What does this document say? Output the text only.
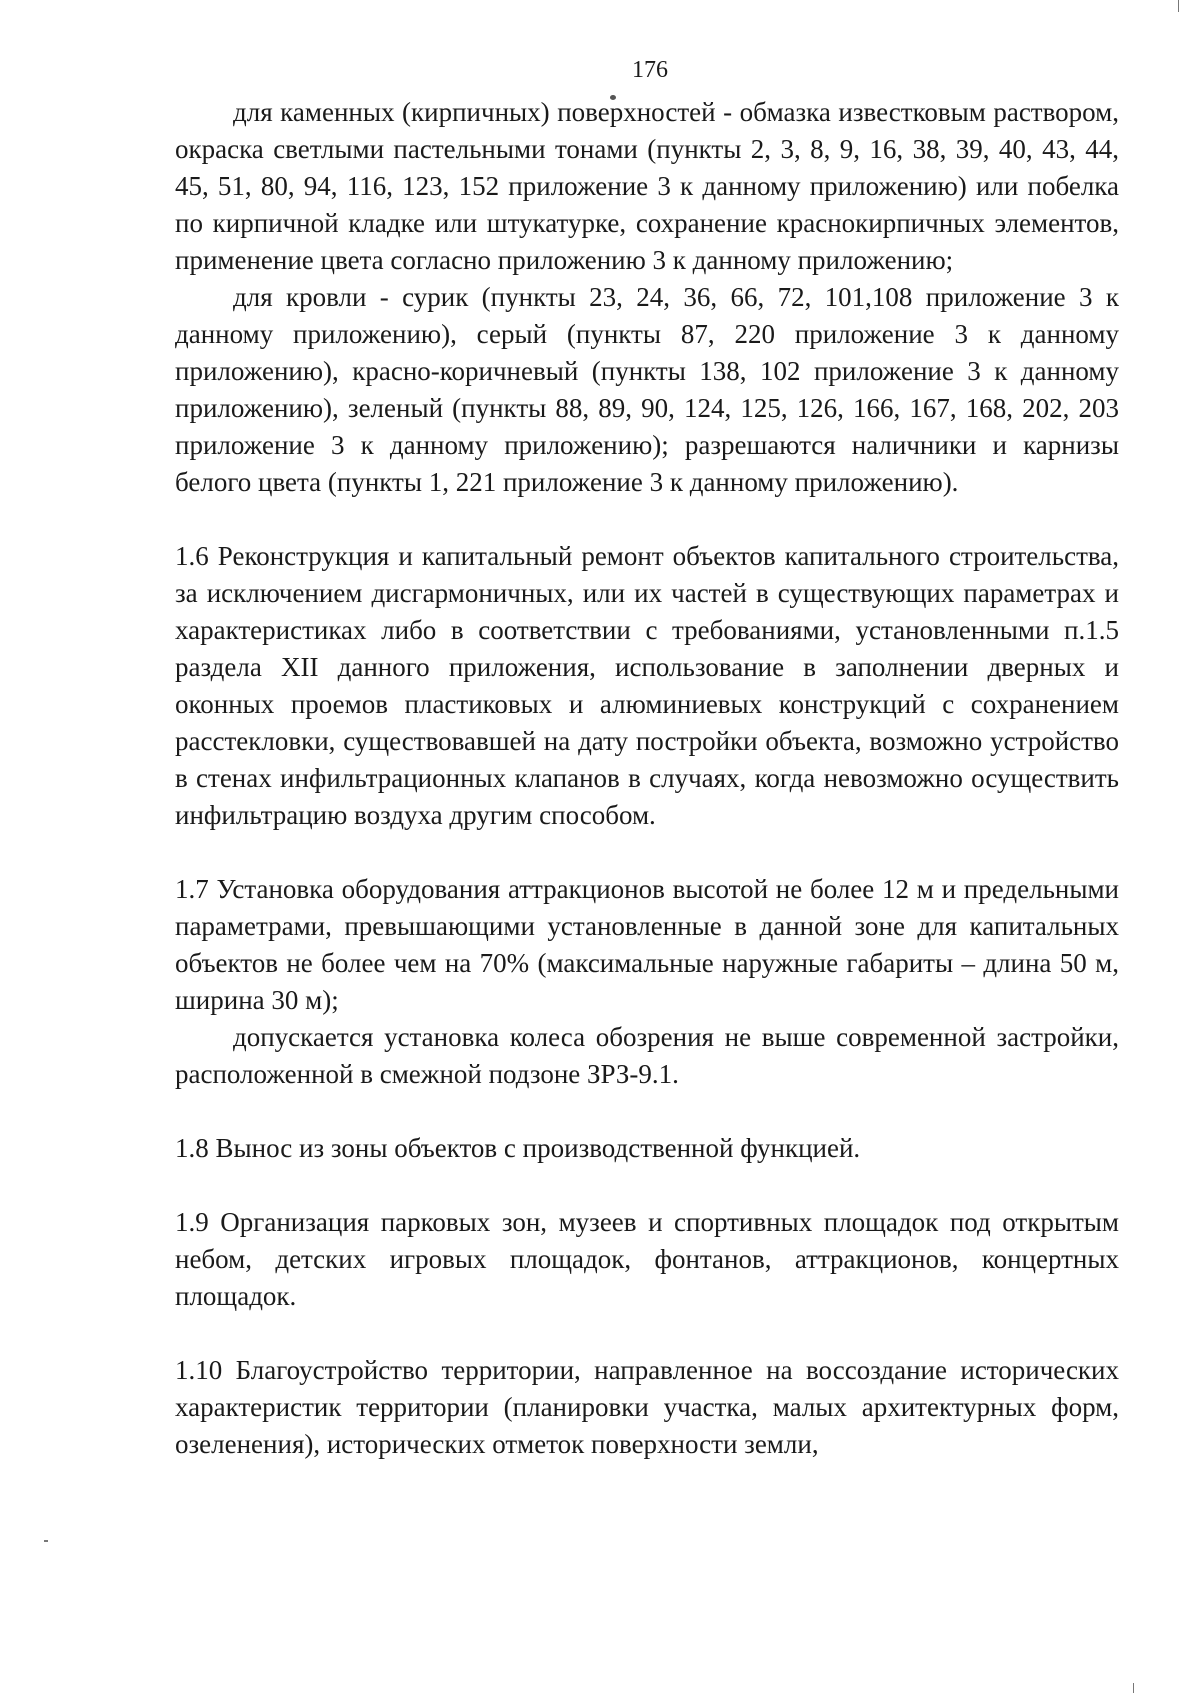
176

для каменных (кирпичных) поверхностей - обмазка известковым раствором, окраска светлыми пастельными тонами (пункты 2, 3, 8, 9, 16, 38, 39, 40, 43, 44, 45, 51, 80, 94, 116, 123, 152 приложение 3 к данному приложению) или побелка по кирпичной кладке или штукатурке, сохранение краснокирпичных элементов, применение цвета согласно приложению 3 к данному приложению;

для кровли - сурик (пункты 23, 24, 36, 66, 72, 101,108 приложение 3 к данному приложению), серый (пункты 87, 220 приложение 3 к данному приложению), красно-коричневый (пункты 138, 102 приложение 3 к данному приложению), зеленый (пункты 88, 89, 90, 124, 125, 126, 166, 167, 168, 202, 203 приложение 3 к данному приложению); разрешаются наличники и карнизы белого цвета (пункты 1, 221 приложение 3 к данному приложению).

1.6 Реконструкция и капитальный ремонт объектов капитального строительства, за исключением дисгармоничных, или их частей в существующих параметрах и характеристиках либо в соответствии с требованиями, установленными п.1.5 раздела XII данного приложения, использование в заполнении дверных и оконных проемов пластиковых и алюминиевых конструкций с сохранением расстекловки, существовавшей на дату постройки объекта, возможно устройство в стенах инфильтрационных клапанов в случаях, когда невозможно осуществить инфильтрацию воздуха другим способом.

1.7 Установка оборудования аттракционов высотой не более 12 м и предельными параметрами, превышающими установленные в данной зоне для капитальных объектов не более чем на 70% (максимальные наружные габариты – длина 50 м, ширина 30 м);

допускается установка колеса обозрения не выше современной застройки, расположенной в смежной подзоне ЗРЗ-9.1.

1.8 Вынос из зоны объектов с производственной функцией.

1.9 Организация парковых зон, музеев и спортивных площадок под открытым небом, детских игровых площадок, фонтанов, аттракционов, концертных площадок.

1.10 Благоустройство территории, направленное на воссоздание исторических характеристик территории (планировки участка, малых архитектурных форм, озеленения), исторических отметок поверхности земли,
